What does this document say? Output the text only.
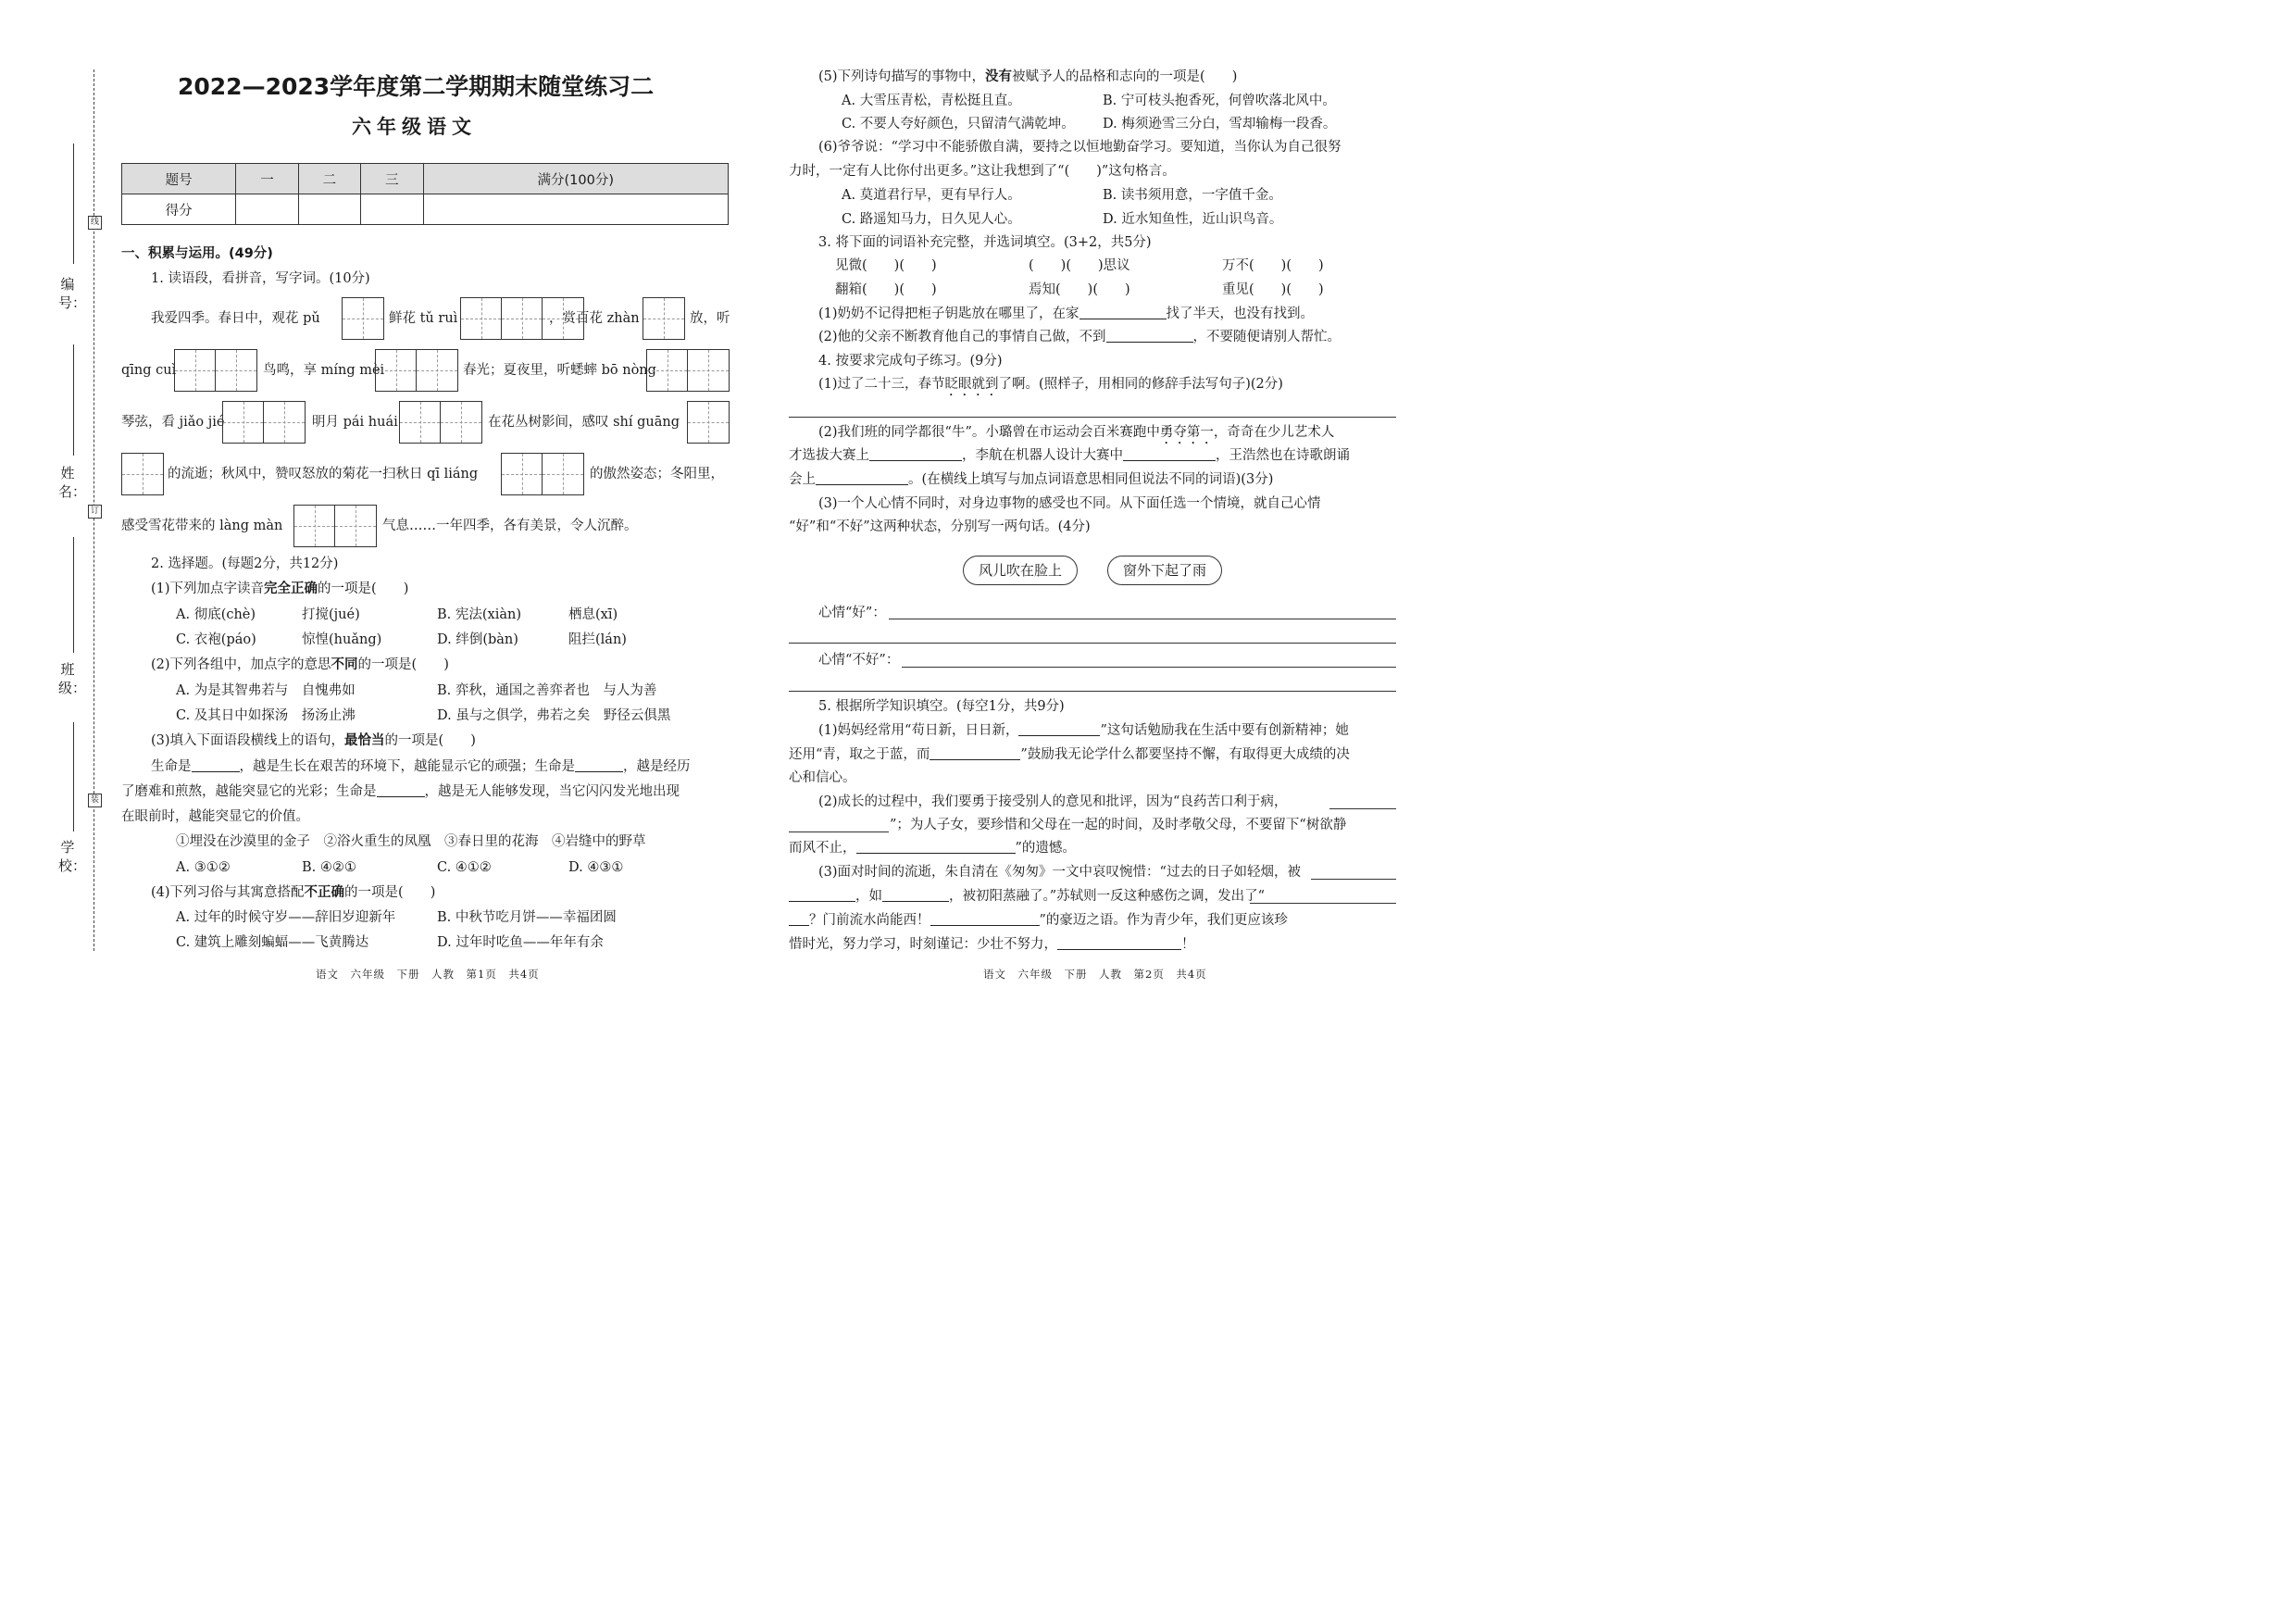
线
订
装
编号：
姓名：
班级：
学校：
2022—2023学年度第二学期期末随堂练习二
六年级语文
题号	一	二	三	满分(100分)
得分				
一、积累与运用。(49分)
1. 读语段，看拼音，写字词。(10分)
我爱四季。春日中，观花 pǔ	鲜花 tǔ ruì	，赏百花 zhàn	放，听
qīng cuì	鸟鸣，享 míng mèi	春光；夏夜里，听蟋蟀 bō nòng
琴弦，看 jiǎo jié	明月 pái huái	在花丛树影间，感叹 shí guāng
的流逝；秋风中，赞叹怒放的菊花一扫秋日 qī liáng	的傲然姿态；冬阳里，
感受雪花带来的 làng màn	气息……一年四季，各有美景，令人沉醉。
2. 选择题。(每题2分，共12分)
(1)下列加点字读音完全正确的一项是(　　)
A. 彻底(chè)	打搅(jué)	B. 宪法(xiàn)	栖息(xī)
C. 衣袍(páo)	惊惶(huǎng)	D. 绊倒(bàn)	阻拦(lán)
(2)下列各组中，加点字的意思不同的一项是(　　)
A. 为是其智弗若与　自愧弗如	B. 弈秋，通国之善弈者也　与人为善
C. 及其日中如探汤　扬汤止沸	D. 虽与之俱学，弗若之矣　野径云俱黑
(3)填入下面语段横线上的语句，最恰当的一项是(　　)
生命是	，越是生长在艰苦的环境下，越能显示它的顽强；生命是	，越是经历
了磨难和煎熬，越能突显它的光彩；生命是	，越是无人能够发现，当它闪闪发光地出现
在眼前时，越能突显它的价值。
①埋没在沙漠里的金子　②浴火重生的凤凰　③春日里的花海　④岩缝中的野草
A. ③①②	B. ④②①	C. ④①②	D. ④③①
(4)下列习俗与其寓意搭配不正确的一项是(　　)
A. 过年的时候守岁——辞旧岁迎新年	B. 中秋节吃月饼——幸福团圆
C. 建筑上雕刻蝙蝠——飞黄腾达	D. 过年时吃鱼——年年有余
语文　六年级　下册　人教　第1页　共4页
(5)下列诗句描写的事物中，没有被赋予人的品格和志向的一项是(　　)
A. 大雪压青松，青松挺且直。	B. 宁可枝头抱香死，何曾吹落北风中。
C. 不要人夸好颜色，只留清气满乾坤。 D. 梅须逊雪三分白，雪却输梅一段香。
(6)爷爷说：“学习中不能骄傲自满，要持之以恒地勤奋学习。要知道，当你认为自己很努
力时，一定有人比你付出更多。”这让我想到了“(　　)”这句格言。
A. 莫道君行早，更有早行人。	B. 读书须用意，一字值千金。
C. 路遥知马力，日久见人心。	D. 近水知鱼性，近山识鸟音。
3. 将下面的词语补充完整，并选词填空。(3+2，共5分)
见微(　　)(　　)	(　　)(　　)思议	万不(　　)(　　)
翻箱(　　)(　　)	焉知(　　)(　　)	重见(　　)(　　)
(1)奶奶不记得把柜子钥匙放在哪里了，在家	找了半天，也没有找到。
(2)他的父亲不断教育他自己的事情自己做，不到	，不要随便请别人帮忙。
4. 按要求完成句子练习。(9分)
(1)过了二十三，春节眨眼就到了啊。(照样子，用相同的修辞手法写句子)(2分)
(2)我们班的同学都很“牛”。小璐曾在市运动会百米赛跑中勇夺第一，奇奇在少儿艺术人
才选拔大赛上	，李航在机器人设计大赛中	，王浩然也在诗歌朗诵
会上	。(在横线上填写与加点词语意思相同但说法不同的词语)(3分)
(3)一个人心情不同时，对身边事物的感受也不同。从下面任选一个情境，就自己心情
“好”和“不好”这两种状态，分别写一两句话。(4分)
风儿吹在脸上	窗外下起了雨
心情“好”：
心情“不好”：
5. 根据所学知识填空。(每空1分，共9分)
(1)妈妈经常用“苟日新，日日新，	”这句话勉励我在生活中要有创新精神；她
还用“青，取之于蓝，而	”鼓励我无论学什么都要坚持不懈，有取得更大成绩的决
心和信心。
(2)成长的过程中，我们要勇于接受别人的意见和批评，因为“良药苦口利于病，
”；为人子女，要珍惜和父母在一起的时间，及时孝敬父母，不要留下“树欲静
而风不止，	”的遗憾。
(3)面对时间的流逝，朱自清在《匆匆》一文中哀叹惋惜：“过去的日子如轻烟，被
，如	，被初阳蒸融了。”苏轼则一反这种感伤之调，发出了“
？门前流水尚能西！	”的豪迈之语。作为青少年，我们更应该珍
惜时光，努力学习，时刻谨记：少壮不努力，	！
语文　六年级　下册　人教　第2页　共4页
